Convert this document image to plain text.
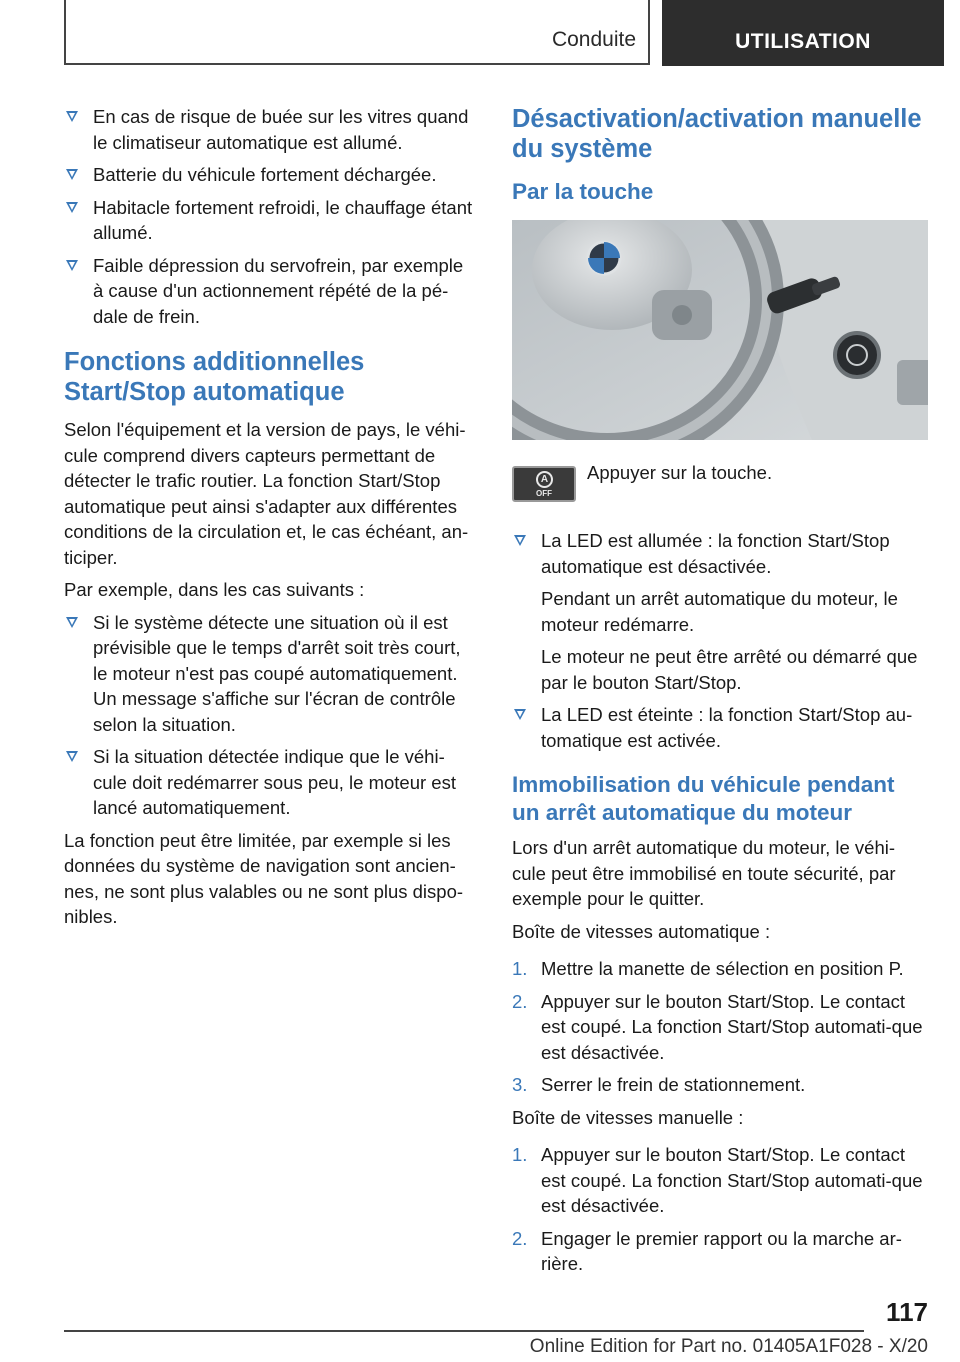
Conduite	UTILISATION
En cas de risque de buée sur les vitres quand le climatiseur automatique est allumé.
Batterie du véhicule fortement déchargée.
Habitacle fortement refroidi, le chauffage étant allumé.
Faible dépression du servofrein, par exemple à cause d'un actionnement répété de la pé-dale de frein.
Fonctions additionnelles Start/Stop automatique

Selon l'équipement et la version de pays, le véhi-cule comprend divers capteurs permettant de détecter le trafic routier. La fonction Start/Stop automatique peut ainsi s'adapter aux différentes conditions de la circulation et, le cas échéant, an-ticiper.

Par exemple, dans les cas suivants :

Si le système détecte une situation où il est prévisible que le temps d'arrêt soit très court, le moteur n'est pas coupé automatiquement. Un message s'affiche sur l'écran de contrôle selon la situation.
Si la situation détectée indique que le véhi-cule doit redémarrer sous peu, le moteur est lancé automatiquement.

La fonction peut être limitée, par exemple si les données du système de navigation sont ancien-nes, ne sont plus valables ou ne sont plus dispo-nibles.

Désactivation/activation manuelle du système
Par la touche
A
OFF
Appuyer sur la touche.
La LED est allumée : la fonction Start/Stop automatique est désactivée.
Pendant un arrêt automatique du moteur, le moteur redémarre.
Le moteur ne peut être arrêté ou démarré que par le bouton Start/Stop.
La LED est éteinte : la fonction Start/Stop au-tomatique est activée.
Immobilisation du véhicule pendant un arrêt automatique du moteur

Lors d'un arrêt automatique du moteur, le véhi-cule peut être immobilisé en toute sécurité, par exemple pour le quitter.

Boîte de vitesses automatique :

1. Mettre la manette de sélection en position P.
2. Appuyer sur le bouton Start/Stop. Le contact est coupé. La fonction Start/Stop automati-que est désactivée.
3. Serrer le frein de stationnement.

Boîte de vitesses manuelle :

1. Appuyer sur le bouton Start/Stop. Le contact est coupé. La fonction Start/Stop automati-que est désactivée.
2. Engager le premier rapport ou la marche ar-rière.
117
Online Edition for Part no. 01405A1F028 - X/20
